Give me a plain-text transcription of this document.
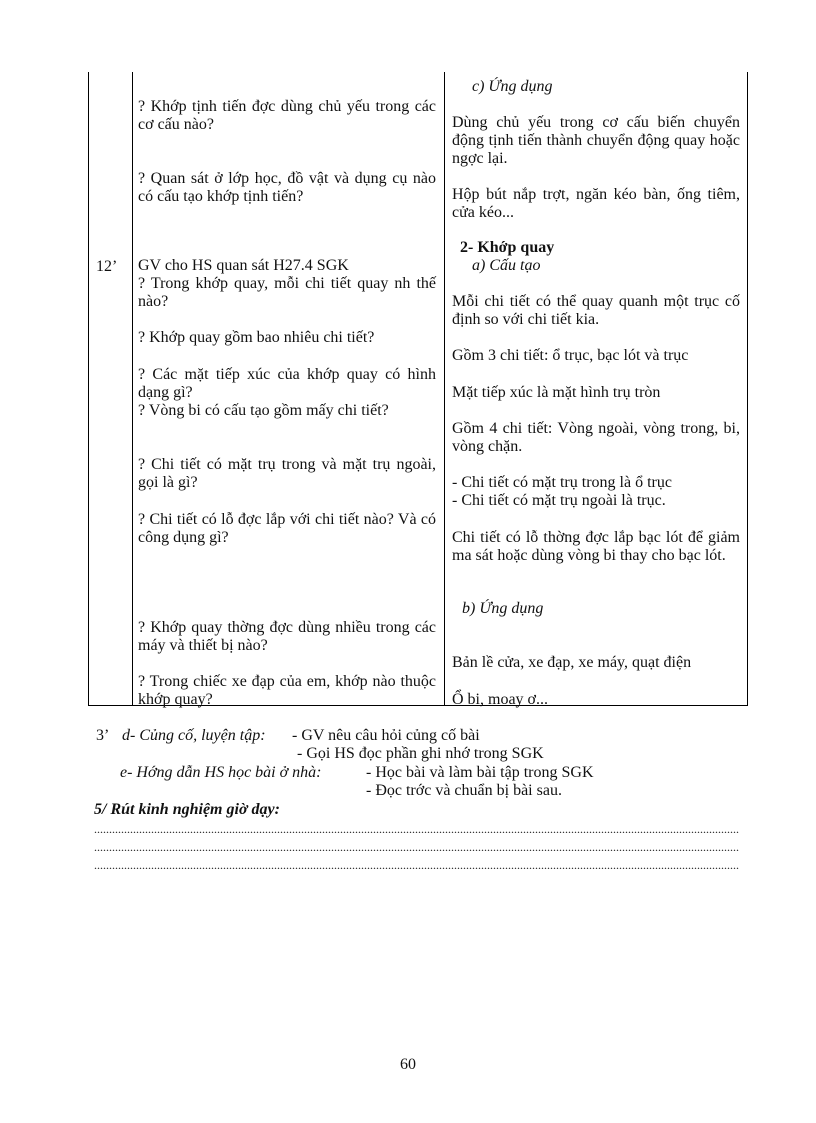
12’
? Khớp tịnh tiến đợc dùng chủ yếu trong các cơ cấu nào?
? Quan sát ở lớp học, đồ vật và dụng cụ nào có cấu tạo khớp tịnh tiến?
GV cho HS quan sát H27.4 SGK
? Trong khớp quay, mỗi chi tiết quay nh thế nào?
? Khớp quay gồm bao nhiêu chi tiết?
? Các mặt tiếp xúc của khớp quay có hình dạng gì?
? Vòng bi có cấu tạo gồm mấy chi tiết?
? Chi tiết có mặt trụ trong và mặt trụ ngoài, gọi là gì?
? Chi tiết có lỗ đợc lắp với chi tiết nào? Và có công dụng gì?
? Khớp quay thờng đợc dùng nhiều trong các máy và thiết bị nào?
? Trong chiếc xe đạp của em, khớp nào thuộc khớp quay?
c) Ứng dụng
Dùng chủ yếu trong cơ cấu biến chuyển động tịnh tiến thành chuyển động quay hoặc ngợc lại.
Hộp bút nắp trợt, ngăn kéo bàn, ống tiêm, cửa kéo...
2- Khớp quay
a) Cấu tạo
Mỗi chi tiết có thể quay quanh một trục cố định so với chi tiết kia.
Gồm 3 chi tiết: ổ trục, bạc lót và trục
Mặt tiếp xúc là mặt hình trụ tròn
Gồm 4 chi tiết: Vòng ngoài, vòng trong, bi, vòng chặn.
- Chi tiết có mặt trụ trong là ổ trục
- Chi tiết có mặt trụ ngoài là trục.
Chi tiết có lỗ thờng đợc lắp bạc lót để giảm ma sát hoặc dùng vòng bi thay cho bạc lót.
b) Ứng dụng
Bản lề cửa, xe đạp, xe máy, quạt điện
Ổ bi, moay ơ...
3’ d- Củng cố, luyện tập: - GV nêu câu hỏi củng cố bài
- Gọi HS đọc phần ghi nhớ trong SGK
e- Hớng dẫn HS học bài ở nhà:	- Học bài và làm bài tập trong SGK
- Đọc trớc và chuẩn bị bài sau.
5/ Rút kinh nghiệm giờ dạy:
.......................................................................................................................................................................................................................
.......................................................................................................................................................................................................................
.......................................................................................................................................................................................................................
60
